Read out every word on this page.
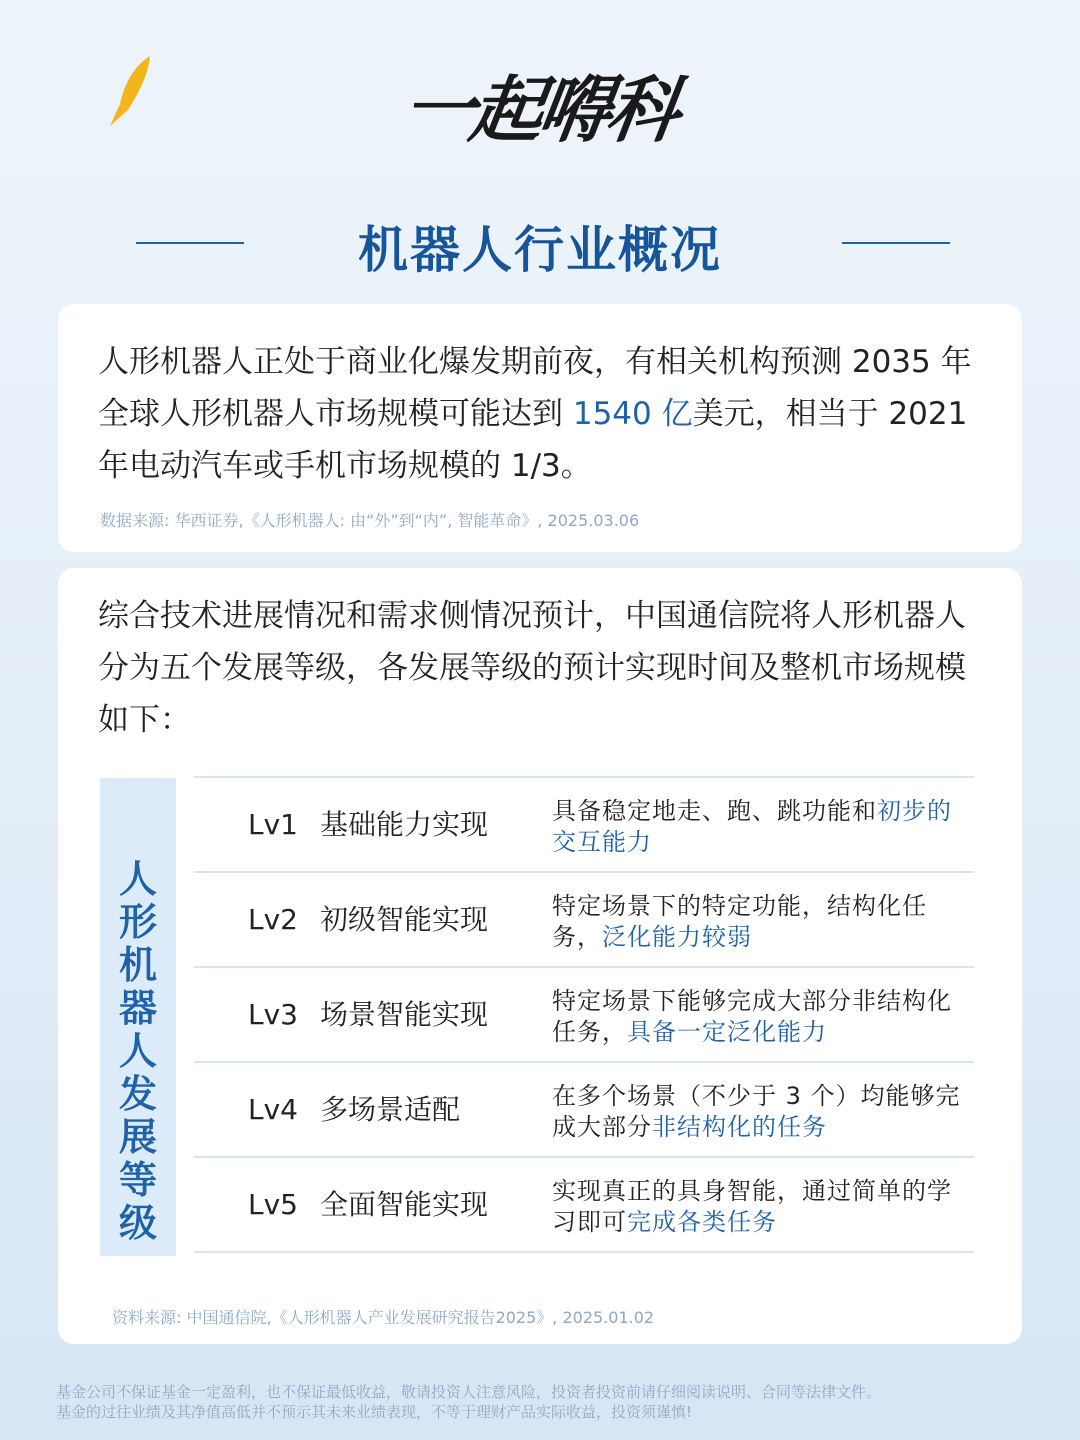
一起嘚科
机器人行业概况
人形机器人正处于商业化爆发期前夜，有相关机构预测 2035 年全球人形机器人市场规模可能达到 1540 亿美元，相当于 2021 年电动汽车或手机市场规模的 1/3。
数据来源: 华西证券,《人形机器人: 由“外”到“内”, 智能革命》, 2025.03.06
综合技术进展情况和需求侧情况预计，中国通信院将人形机器人分为五个发展等级，各发展等级的预计实现时间及整机市场规模如下：
人
形
机
器
人
发
展
等
级
Lv1 基础能力实现	具备稳定地走、跑、跳功能和初步的交互能力
Lv2 初级智能实现	特定场景下的特定功能，结构化任务，泛化能力较弱
Lv3 场景智能实现	特定场景下能够完成大部分非结构化任务，具备一定泛化能力
Lv4 多场景适配	在多个场景（不少于 3 个）均能够完成大部分非结构化的任务
Lv5 全面智能实现	实现真正的具身智能，通过简单的学习即可完成各类任务
资料来源: 中国通信院,《人形机器人产业发展研究报告2025》, 2025.01.02
基金公司不保证基金一定盈利，也不保证最低收益，敬请投资人注意风险，投资者投资前请仔细阅读说明、合同等法律文件。
基金的过往业绩及其净值高低并不预示其未来业绩表现，不等于理财产品实际收益，投资须谨慎!
